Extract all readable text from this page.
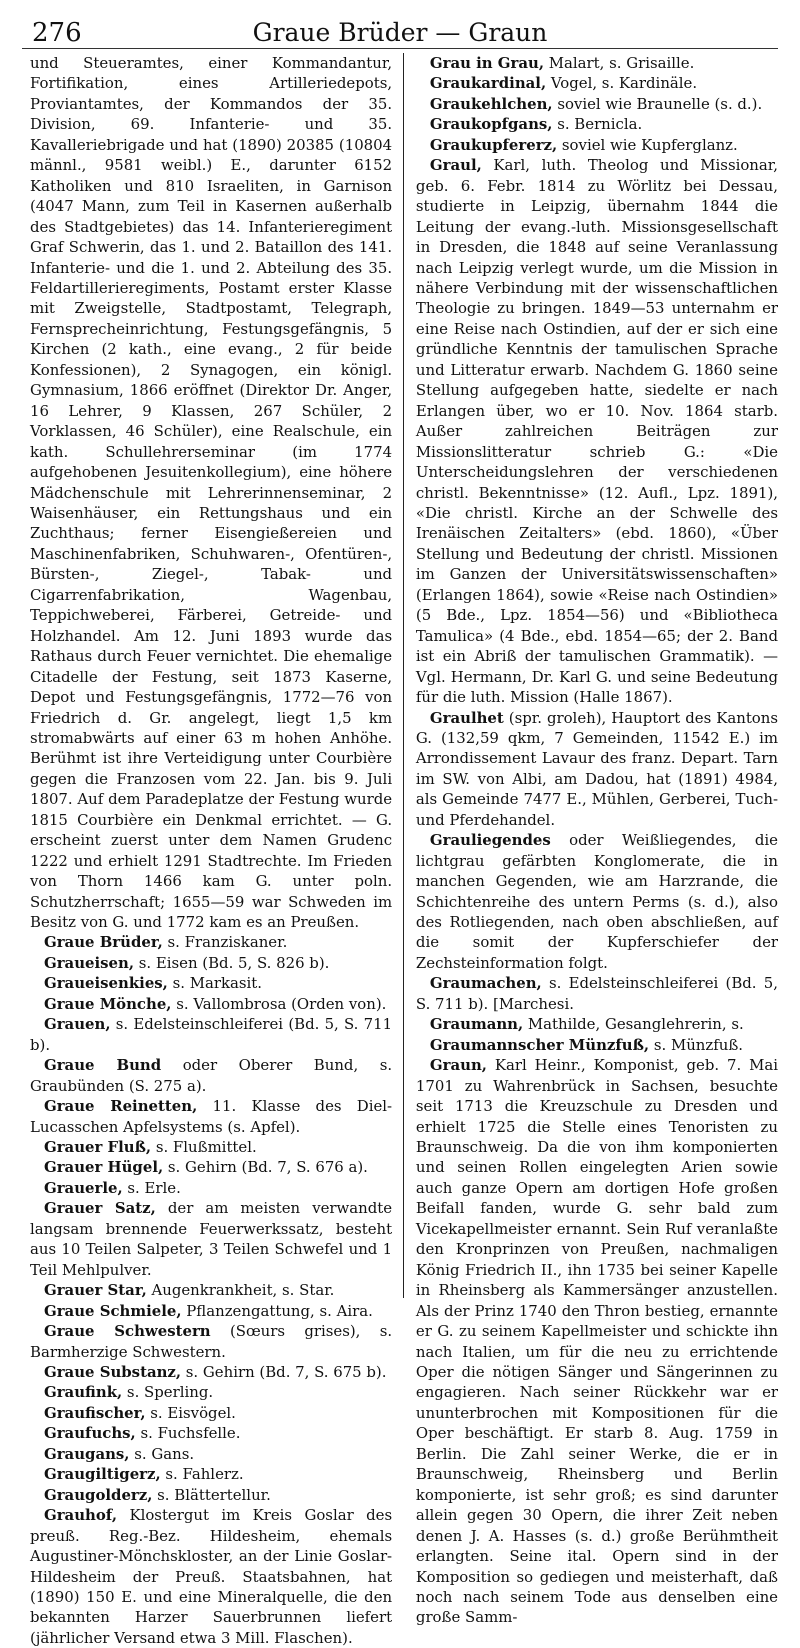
276	Graue Brüder — Graun

und Steueramtes, einer Kommandantur, Fortifikation, eines Artilleriedepots, Proviantamtes, der Kommandos der 35. Division, 69. Infanterie- und 35. Kavalleriebrigade und hat (1890) 20385 (10804 männl., 9581 weibl.) E., darunter 6152 Katholiken und 810 Israeliten, in Garnison (4047 Mann, zum Teil in Kasernen außerhalb des Stadtgebietes) das 14. Infanterieregiment Graf Schwerin, das 1. und 2. Bataillon des 141. Infanterie- und die 1. und 2. Abteilung des 35. Feldartillerieregiments, Postamt erster Klasse mit Zweigstelle, Stadtpostamt, Telegraph, Fernsprecheinrichtung, Festungsgefängnis, 5 Kirchen (2 kath., eine evang., 2 für beide Konfessionen), 2 Synagogen, ein königl. Gymnasium, 1866 eröffnet (Direktor Dr. Anger, 16 Lehrer, 9 Klassen, 267 Schüler, 2 Vorklassen, 46 Schüler), eine Realschule, ein kath. Schullehrerseminar (im 1774 aufgehobenen Jesuitenkollegium), eine höhere Mädchenschule mit Lehrerinnenseminar, 2 Waisenhäuser, ein Rettungshaus und ein Zuchthaus; ferner Eisengießereien und Maschinenfabriken, Schuhwaren-, Ofentüren-, Bürsten-, Ziegel-, Tabak- und Cigarrenfabrikation, Wagenbau, Teppichweberei, Färberei, Getreide- und Holzhandel. Am 12. Juni 1893 wurde das Rathaus durch Feuer vernichtet. Die ehemalige Citadelle der Festung, seit 1873 Kaserne, Depot und Festungsgefängnis, 1772—76 von Friedrich d. Gr. angelegt, liegt 1,5 km stromabwärts auf einer 63 m hohen Anhöhe. Berühmt ist ihre Verteidigung unter Courbière gegen die Franzosen vom 22. Jan. bis 9. Juli 1807. Auf dem Paradeplatze der Festung wurde 1815 Courbière ein Denkmal errichtet. — G. erscheint zuerst unter dem Namen Grudenc 1222 und erhielt 1291 Stadtrechte. Im Frieden von Thorn 1466 kam G. unter poln. Schutzherrschaft; 1655—59 war Schweden im Besitz von G. und 1772 kam es an Preußen.

Graue Brüder, s. Franziskaner.

Graueisen, s. Eisen (Bd. 5, S. 826 b).

Graueisenkies, s. Markasit.

Graue Mönche, s. Vallombrosa (Orden von).

Grauen, s. Edelsteinschleiferei (Bd. 5, S. 711 b).

Graue Bund oder Oberer Bund, s. Graubünden (S. 275 a).

Graue Reinetten, 11. Klasse des Diel-Lucasschen Apfelsystems (s. Apfel).

Grauer Fluß, s. Flußmittel.

Grauer Hügel, s. Gehirn (Bd. 7, S. 676 a).

Grauerle, s. Erle.

Grauer Satz, der am meisten verwandte langsam brennende Feuerwerkssatz, besteht aus 10 Teilen Salpeter, 3 Teilen Schwefel und 1 Teil Mehlpulver.

Grauer Star, Augenkrankheit, s. Star.

Graue Schmiele, Pflanzengattung, s. Aira.

Graue Schwestern (Sœurs grises), s. Barmherzige Schwestern.

Graue Substanz, s. Gehirn (Bd. 7, S. 675 b).

Graufink, s. Sperling.

Graufischer, s. Eisvögel.

Graufuchs, s. Fuchsfelle.

Graugans, s. Gans.

Graugiltigerz, s. Fahlerz.

Graugolderz, s. Blättertellur.

Grauhof, Klostergut im Kreis Goslar des preuß. Reg.-Bez. Hildesheim, ehemals Augustiner-Mönchskloster, an der Linie Goslar-Hildesheim der Preuß. Staatsbahnen, hat (1890) 150 E. und eine Mineralquelle, die den bekannten Harzer Sauerbrunnen liefert (jährlicher Versand etwa 3 Mill. Flaschen).

Grau in Grau, Malart, s. Grisaille.

Graukardinal, Vogel, s. Kardinäle.

Graukehlchen, soviel wie Braunelle (s. d.).

Graukopfgans, s. Bernicla.

Graukupfererz, soviel wie Kupferglanz.

Graul, Karl, luth. Theolog und Missionar, geb. 6. Febr. 1814 zu Wörlitz bei Dessau, studierte in Leipzig, übernahm 1844 die Leitung der evang.-luth. Missionsgesellschaft in Dresden, die 1848 auf seine Veranlassung nach Leipzig verlegt wurde, um die Mission in nähere Verbindung mit der wissenschaftlichen Theologie zu bringen. 1849—53 unternahm er eine Reise nach Ostindien, auf der er sich eine gründliche Kenntnis der tamulischen Sprache und Litteratur erwarb. Nachdem G. 1860 seine Stellung aufgegeben hatte, siedelte er nach Erlangen über, wo er 10. Nov. 1864 starb. Außer zahlreichen Beiträgen zur Missionslitteratur schrieb G.: «Die Unterscheidungslehren der verschiedenen christl. Bekenntnisse» (12. Aufl., Lpz. 1891), «Die christl. Kirche an der Schwelle des Irenäischen Zeitalters» (ebd. 1860), «Über Stellung und Bedeutung der christl. Missionen im Ganzen der Universitätswissenschaften» (Erlangen 1864), sowie «Reise nach Ostindien» (5 Bde., Lpz. 1854—56) und «Bibliotheca Tamulica» (4 Bde., ebd. 1854—65; der 2. Band ist ein Abriß der tamulischen Grammatik). — Vgl. Hermann, Dr. Karl G. und seine Bedeutung für die luth. Mission (Halle 1867).

Graulhet (spr. groleh), Hauptort des Kantons G. (132,59 qkm, 7 Gemeinden, 11542 E.) im Arrondissement Lavaur des franz. Depart. Tarn im SW. von Albi, am Dadou, hat (1891) 4984, als Gemeinde 7477 E., Mühlen, Gerberei, Tuch- und Pferdehandel.

Grauliegendes oder Weißliegendes, die lichtgrau gefärbten Konglomerate, die in manchen Gegenden, wie am Harzrande, die Schichtenreihe des untern Perms (s. d.), also des Rotliegenden, nach oben abschließen, auf die somit der Kupferschiefer der Zechsteinformation folgt.

Graumachen, s. Edelsteinschleiferei (Bd. 5, S. 711 b). [Marchesi.

Graumann, Mathilde, Gesanglehrerin, s.

Graumannscher Münzfuß, s. Münzfuß.

Graun, Karl Heinr., Komponist, geb. 7. Mai 1701 zu Wahrenbrück in Sachsen, besuchte seit 1713 die Kreuzschule zu Dresden und erhielt 1725 die Stelle eines Tenoristen zu Braunschweig. Da die von ihm komponierten und seinen Rollen eingelegten Arien sowie auch ganze Opern am dortigen Hofe großen Beifall fanden, wurde G. sehr bald zum Vicekapellmeister ernannt. Sein Ruf veranlaßte den Kronprinzen von Preußen, nachmaligen König Friedrich II., ihn 1735 bei seiner Kapelle in Rheinsberg als Kammersänger anzustellen. Als der Prinz 1740 den Thron bestieg, ernannte er G. zu seinem Kapellmeister und schickte ihn nach Italien, um für die neu zu errichtende Oper die nötigen Sänger und Sängerinnen zu engagieren. Nach seiner Rückkehr war er ununterbrochen mit Kompositionen für die Oper beschäftigt. Er starb 8. Aug. 1759 in Berlin. Die Zahl seiner Werke, die er in Braunschweig, Rheinsberg und Berlin komponierte, ist sehr groß; es sind darunter allein gegen 30 Opern, die ihrer Zeit neben denen J. A. Hasses (s. d.) große Berühmtheit erlangten. Seine ital. Opern sind in der Komposition so gediegen und meisterhaft, daß noch nach seinem Tode aus denselben eine große Samm-
